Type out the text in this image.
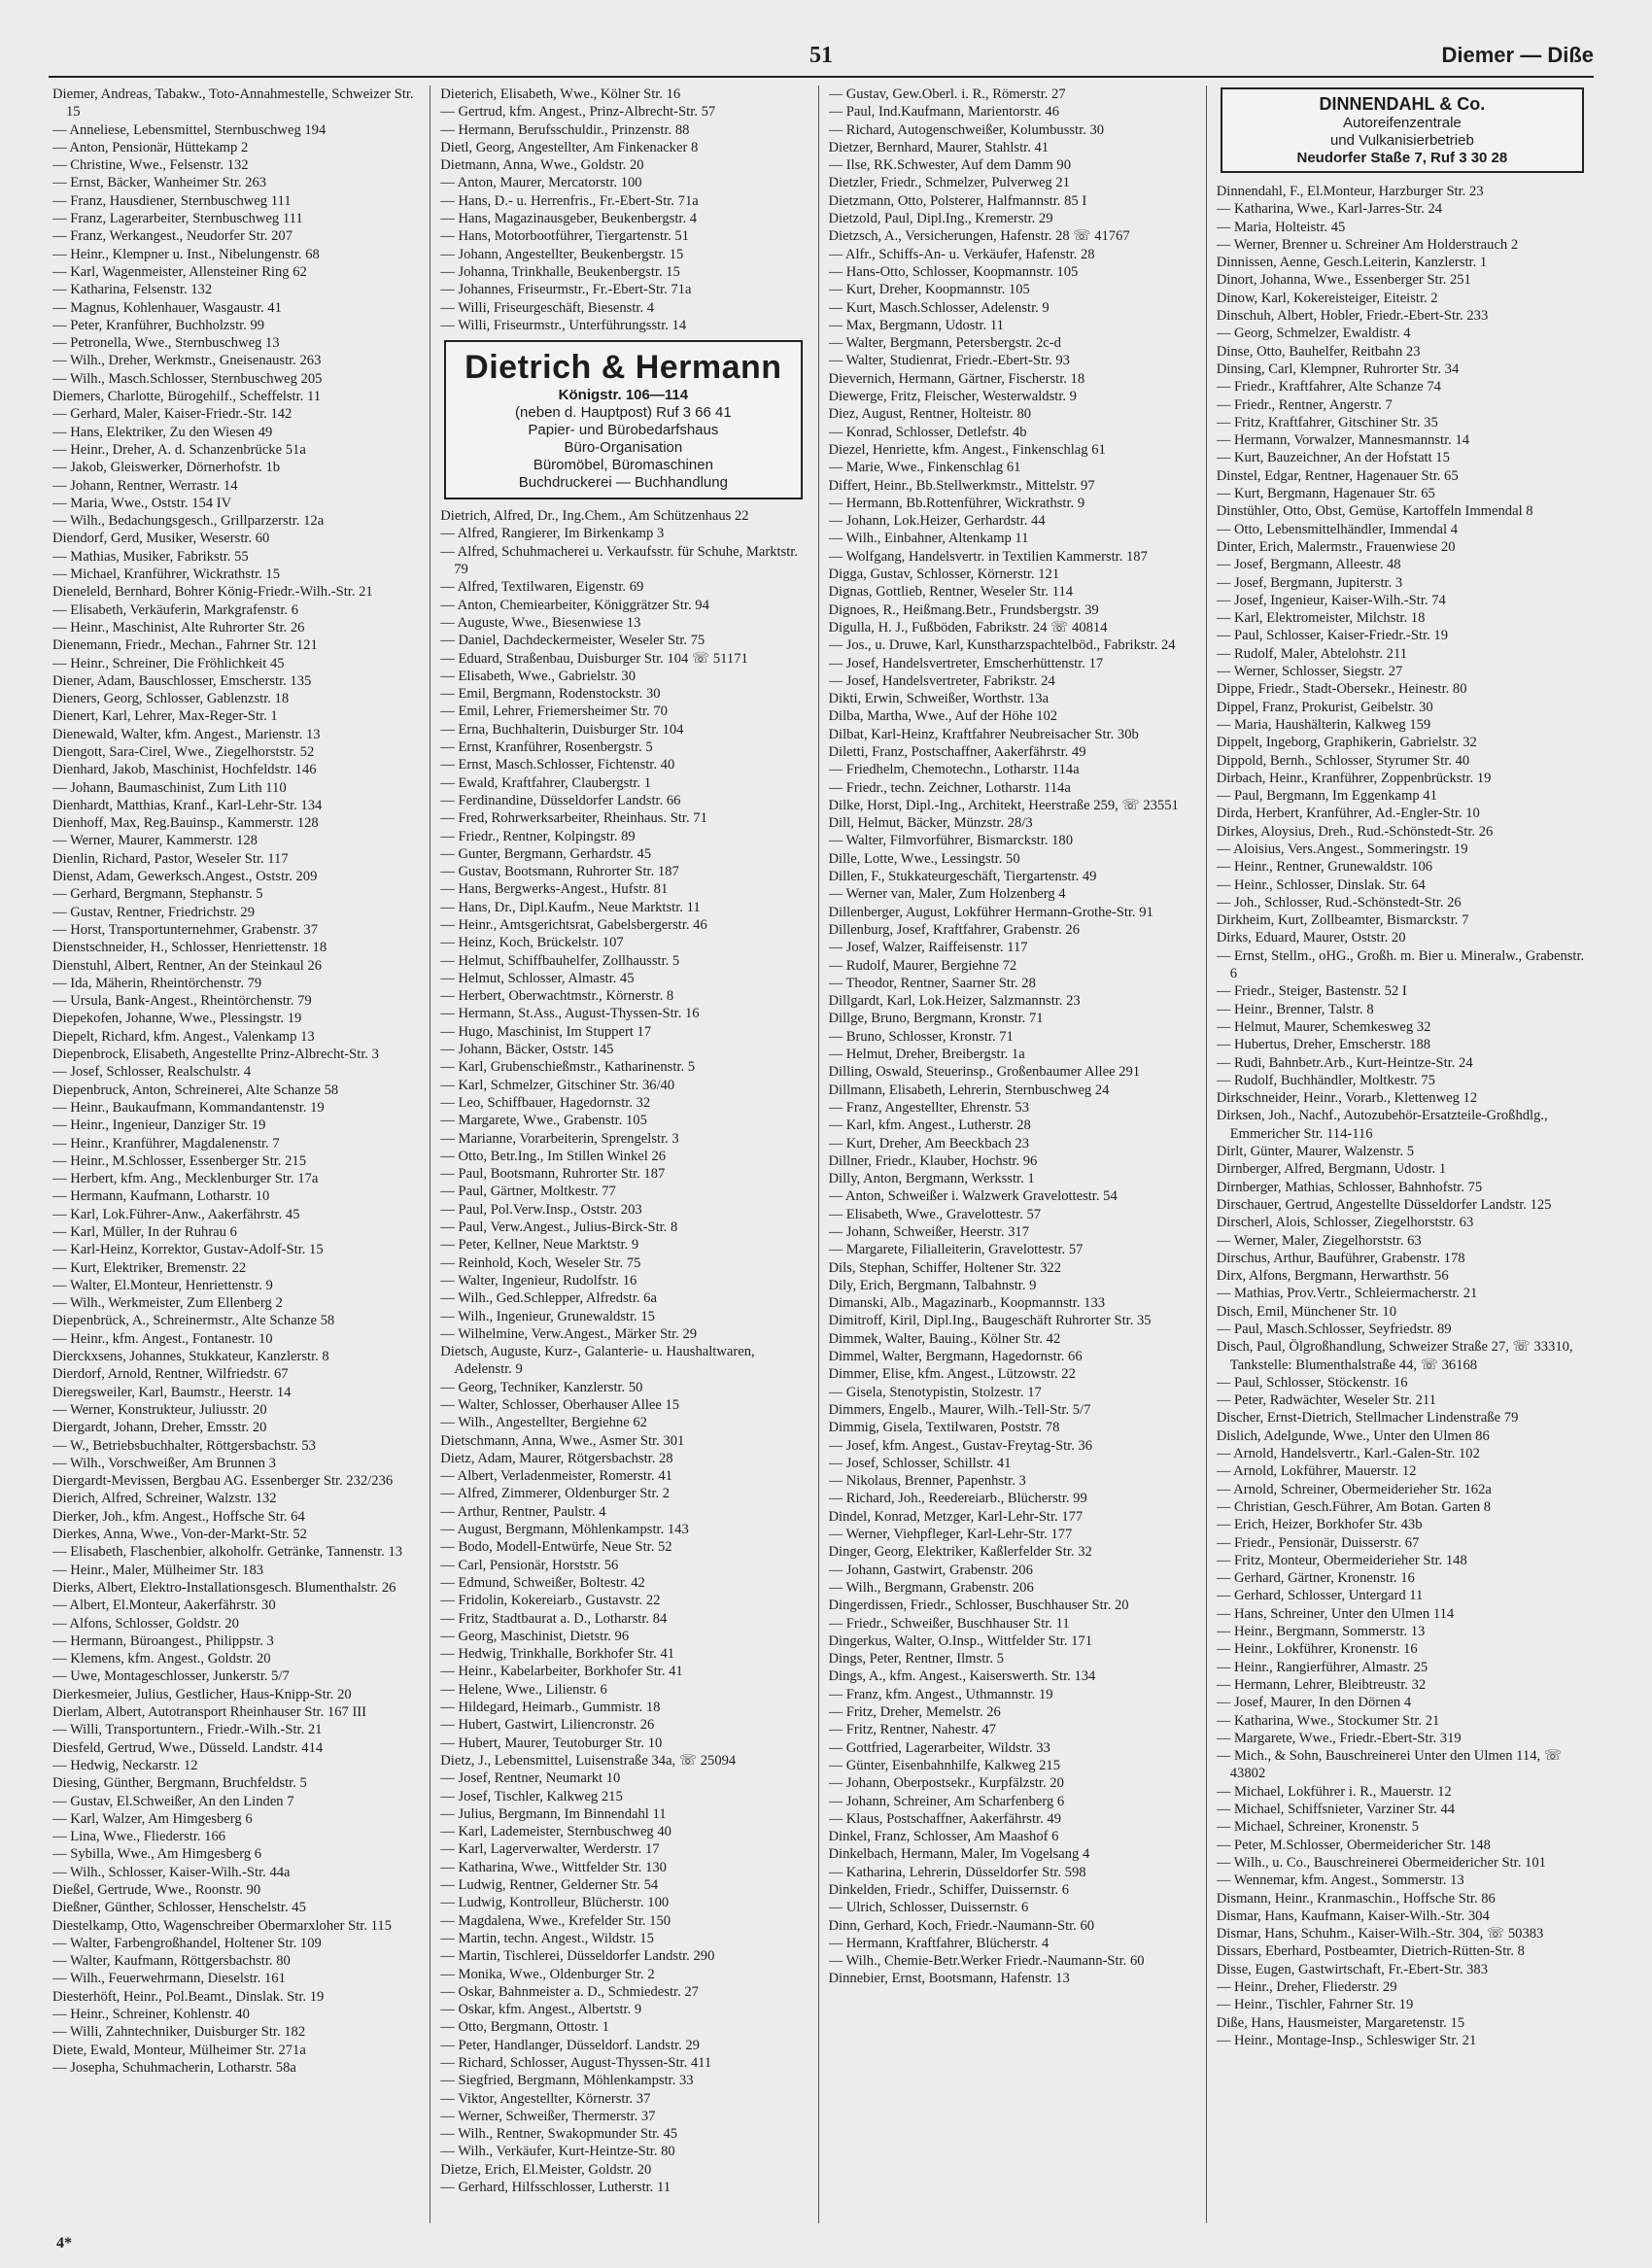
51	Diemer — Diße
Diemer, Andreas, Tabakw., Toto-Annahmestelle, Schweizer Str. 15
— Anneliese, Lebensmittel, Sternbuschweg 194
— Anton, Pensionär, Hüttekamp 2
— Christine, Wwe., Felsenstr. 132
— Ernst, Bäcker, Wanheimer Str. 263
— Franz, Hausdiener, Sternbuschweg 111
— Franz, Lagerarbeiter, Sternbuschweg 111
— Franz, Werkangest., Neudorfer Str. 207
— Heinr., Klempner u. Inst., Nibelungenstr. 68
— Karl, Wagenmeister, Allensteiner Ring 62
— Katharina, Felsenstr. 132
— Magnus, Kohlenhauer, Wasgaustr. 41
— Peter, Kranführer, Buchholzstr. 99
— Petronella, Wwe., Sternbuschweg 13
— Wilh., Dreher, Werkmstr., Gneisenaustr. 263
— Wilh., Masch.Schlosser, Sternbuschweg 205
Diemers, Charlotte, Bürogehilf., Scheffelstr. 11
— Gerhard, Maler, Kaiser-Friedr.-Str. 142
— Hans, Elektriker, Zu den Wiesen 49
— Heinr., Dreher, A. d. Schanzenbrücke 51a
— Jakob, Gleiswerker, Dörnerhofstr. 1b
— Johann, Rentner, Werrastr. 14
— Maria, Wwe., Oststr. 154 IV
— Wilh., Bedachungsgesch., Grillparzerstr. 12a
Diendorf, Gerd, Musiker, Weserstr. 60
— Mathias, Musiker, Fabrikstr. 55
— Michael, Kranführer, Wickrathstr. 15
Dieneleld, Bernhard, Bohrer König-Friedr.-Wilh.-Str. 21
— Elisabeth, Verkäuferin, Markgrafenstr. 6
— Heinr., Maschinist, Alte Ruhrorter Str. 26
Dienemann, Friedr., Mechan., Fahrner Str. 121
— Heinr., Schreiner, Die Fröhlichkeit 45
Diener, Adam, Bauschlosser, Emscherstr. 135
Dieners, Georg, Schlosser, Gablenzstr. 18
Dienert, Karl, Lehrer, Max-Reger-Str. 1
Dienewald, Walter, kfm. Angest., Marienstr. 13
Diengott, Sara-Cirel, Wwe., Ziegelhorststr. 52
Dienhard, Jakob, Maschinist, Hochfeldstr. 146
— Johann, Baumaschinist, Zum Lith 110
Dienhardt, Matthias, Kranf., Karl-Lehr-Str. 134
Dienhoff, Max, Reg.Bauinsp., Kammerstr. 128
— Werner, Maurer, Kammerstr. 128
Dienlin, Richard, Pastor, Weseler Str. 117
Dienst, Adam, Gewerksch.Angest., Oststr. 209
— Gerhard, Bergmann, Stephanstr. 5
— Gustav, Rentner, Friedrichstr. 29
— Horst, Transportunternehmer, Grabenstr. 37
Dienstschneider, H., Schlosser, Henriettenstr. 18
Dienstuhl, Albert, Rentner, An der Steinkaul 26
— Ida, Mäherin, Rheintörchenstr. 79
— Ursula, Bank-Angest., Rheintörchenstr. 79
Diepekofen, Johanne, Wwe., Plessingstr. 19
Diepelt, Richard, kfm. Angest., Valenkamp 13
Diepenbrock, Elisabeth, Angestellte Prinz-Albrecht-Str. 3
— Josef, Schlosser, Realschulstr. 4
Diepenbruck, Anton, Schreinerei, Alte Schanze 58
— Heinr., Baukaufmann, Kommandantenstr. 19
— Heinr., Ingenieur, Danziger Str. 19
— Heinr., Kranführer, Magdalenenstr. 7
— Heinr., M.Schlosser, Essenberger Str. 215
— Herbert, kfm. Ang., Mecklenburger Str. 17a
— Hermann, Kaufmann, Lotharstr. 10
— Karl, Lok.Führer-Anw., Aakerfährstr. 45
— Karl, Müller, In der Ruhrau 6
— Karl-Heinz, Korrektor, Gustav-Adolf-Str. 15
— Kurt, Elektriker, Bremenstr. 22
— Walter, El.Monteur, Henriettenstr. 9
— Wilh., Werkmeister, Zum Ellenberg 2
Diepenbrück, A., Schreinermstr., Alte Schanze 58
— Heinr., kfm. Angest., Fontanestr. 10
Dierckxsens, Johannes, Stukkateur, Kanzlerstr. 8
Dierdorf, Arnold, Rentner, Wilfriedstr. 67
Dieregsweiler, Karl, Baumstr., Heerstr. 14
— Werner, Konstrukteur, Juliusstr. 20
Diergardt, Johann, Dreher, Emsstr. 20
— W., Betriebsbuchhalter, Röttgersbachstr. 53
— Wilh., Vorschweißer, Am Brunnen 3
Diergardt-Mevissen, Bergbau AG. Essenberger Str. 232/236
Dierich, Alfred, Schreiner, Walzstr. 132
Dierker, Joh., kfm. Angest., Hoffsche Str. 64
Dierkes, Anna, Wwe., Von-der-Markt-Str. 52
— Elisabeth, Flaschenbier, alkoholfr. Getränke, Tannenstr. 13
— Heinr., Maler, Mülheimer Str. 183
Dierks, Albert, Elektro-Installationsgesch. Blumenthalstr. 26
— Albert, El.Monteur, Aakerfährstr. 30
— Alfons, Schlosser, Goldstr. 20
— Hermann, Büroangest., Philippstr. 3
— Klemens, kfm. Angest., Goldstr. 20
— Uwe, Montageschlosser, Junkerstr. 5/7
Dierkesmeier, Julius, Gestlicher, Haus-Knipp-Str. 20
Dierlam, Albert, Autotransport Rheinhauser Str. 167 III
— Willi, Transportuntern., Friedr.-Wilh.-Str. 21
Diesfeld, Gertrud, Wwe., Düsseld. Landstr. 414
— Hedwig, Neckarstr. 12
Diesing, Günther, Bergmann, Bruchfeldstr. 5
— Gustav, El.Schweißer, An den Linden 7
— Karl, Walzer, Am Himgesberg 6
— Lina, Wwe., Fliederstr. 166
— Sybilla, Wwe., Am Himgesberg 6
— Wilh., Schlosser, Kaiser-Wilh.-Str. 44a
Dießel, Gertrude, Wwe., Roonstr. 90
Dießner, Günther, Schlosser, Henschelstr. 45
Diestelkamp, Otto, Wagenschreiber Obermarxloher Str. 115
— Walter, Farbengroßhandel, Holtener Str. 109
— Walter, Kaufmann, Röttgersbachstr. 80
— Wilh., Feuerwehrmann, Dieselstr. 161
Diesterhöft, Heinr., Pol.Beamt., Dinslak. Str. 19
— Heinr., Schreiner, Kohlenstr. 40
— Willi, Zahntechniker, Duisburger Str. 182
Diete, Ewald, Monteur, Mülheimer Str. 271a
— Josepha, Schuhmacherin, Lotharstr. 58a
Dieterich, Elisabeth, Wwe., Kölner Str. 16
— Gertrud, kfm. Angest., Prinz-Albrecht-Str. 57
— Hermann, Berufsschuldir., Prinzenstr. 88
Dietl, Georg, Angestellter, Am Finkenacker 8
Dietmann, Anna, Wwe., Goldstr. 20
— Anton, Maurer, Mercatorstr. 100
— Hans, D.- u. Herrenfris., Fr.-Ebert-Str. 71a
— Hans, Magazinausgeber, Beukenbergstr. 4
— Hans, Motorbootführer, Tiergartenstr. 51
— Johann, Angestellter, Beukenbergstr. 15
— Johanna, Trinkhalle, Beukenbergstr. 15
— Johannes, Friseurmstr., Fr.-Ebert-Str. 71a
— Willi, Friseurgeschäft, Biesenstr. 4
— Willi, Friseurmstr., Unterführungsstr. 14
Dietrich & Hermann
Königstr. 106—114
(neben d. Hauptpost) Ruf 3 66 41
Papier- und Bürobedarfshaus
Büro-Organisation
Büromöbel, Büromaschinen
Buchdruckerei — Buchhandlung
Dietrich, Alfred, Dr., Ing.Chem., Am Schützenhaus 22
— Alfred, Rangierer, Im Birkenkamp 3
— Alfred, Schuhmacherei u. Verkaufsstr. für Schuhe, Marktstr. 79
— Alfred, Textilwaren, Eigenstr. 69
— Anton, Chemiearbeiter, Königgrätzer Str. 94
— Auguste, Wwe., Biesenwiese 13
— Daniel, Dachdeckermeister, Weseler Str. 75
— Eduard, Straßenbau, Duisburger Str. 104 ☏ 51171
— Elisabeth, Wwe., Gabrielstr. 30
— Emil, Bergmann, Rodenstockstr. 30
— Emil, Lehrer, Friemersheimer Str. 70
— Erna, Buchhalterin, Duisburger Str. 104
— Ernst, Kranführer, Rosenbergstr. 5
— Ernst, Masch.Schlosser, Fichtenstr. 40
— Ewald, Kraftfahrer, Claubergstr. 1
— Ferdinandine, Düsseldorfer Landstr. 66
— Fred, Rohrwerksarbeiter, Rheinhaus. Str. 71
— Friedr., Rentner, Kolpingstr. 89
— Gunter, Bergmann, Gerhardstr. 45
— Gustav, Bootsmann, Ruhrorter Str. 187
— Hans, Bergwerks-Angest., Hufstr. 81
— Hans, Dr., Dipl.Kaufm., Neue Marktstr. 11
— Heinr., Amtsgerichtsrat, Gabelsbergerstr. 46
— Heinz, Koch, Brückelstr. 107
— Helmut, Schiffbauhelfer, Zollhausstr. 5
— Helmut, Schlosser, Almastr. 45
— Herbert, Oberwachtmstr., Körnerstr. 8
— Hermann, St.Ass., August-Thyssen-Str. 16
— Hugo, Maschinist, Im Stuppert 17
— Johann, Bäcker, Oststr. 145
— Karl, Grubenschießmstr., Katharinenstr. 5
— Karl, Schmelzer, Gitschiner Str. 36/40
— Leo, Schiffbauer, Hagedornstr. 32
— Margarete, Wwe., Grabenstr. 105
— Marianne, Vorarbeiterin, Sprengelstr. 3
— Otto, Betr.Ing., Im Stillen Winkel 26
— Paul, Bootsmann, Ruhrorter Str. 187
— Paul, Gärtner, Moltkestr. 77
— Paul, Pol.Verw.Insp., Oststr. 203
— Paul, Verw.Angest., Julius-Birck-Str. 8
— Peter, Kellner, Neue Marktstr. 9
— Reinhold, Koch, Weseler Str. 75
— Walter, Ingenieur, Rudolfstr. 16
— Wilh., Ged.Schlepper, Alfredstr. 6a
— Wilh., Ingenieur, Grunewaldstr. 15
— Wilhelmine, Verw.Angest., Märker Str. 29
Dietsch, Auguste, Kurz-, Galanterie- u. Haushaltwaren, Adelenstr. 9
— Georg, Techniker, Kanzlerstr. 50
— Walter, Schlosser, Oberhauser Allee 15
— Wilh., Angestellter, Bergiehne 62
Dietschmann, Anna, Wwe., Asmer Str. 301
Dietz, Adam, Maurer, Rötgersbachstr. 28
— Albert, Verladenmeister, Romerstr. 41
— Alfred, Zimmerer, Oldenburger Str. 2
— Arthur, Rentner, Paulstr. 4
— August, Bergmann, Möhlenkampstr. 143
— Bodo, Modell-Entwürfe, Neue Str. 52
— Carl, Pensionär, Horststr. 56
— Edmund, Schweißer, Boltestr. 42
— Fridolin, Kokereiarb., Gustavstr. 22
— Fritz, Stadtbaurat a. D., Lotharstr. 84
— Georg, Maschinist, Dietstr. 96
— Hedwig, Trinkhalle, Borkhofer Str. 41
— Heinr., Kabelarbeiter, Borkhofer Str. 41
— Helene, Wwe., Lilienstr. 6
— Hildegard, Heimarb., Gummistr. 18
— Hubert, Gastwirt, Liliencronstr. 26
— Hubert, Maurer, Teutoburger Str. 10
Dietz, J., Lebensmittel, Luisenstraße 34a, ☏ 25094
— Josef, Rentner, Neumarkt 10
— Josef, Tischler, Kalkweg 215
— Julius, Bergmann, Im Binnendahl 11
— Karl, Lademeister, Sternbuschweg 40
— Karl, Lagerverwalter, Werderstr. 17
— Katharina, Wwe., Wittfelder Str. 130
— Ludwig, Rentner, Gelderner Str. 54
— Ludwig, Kontrolleur, Blücherstr. 100
— Magdalena, Wwe., Krefelder Str. 150
— Martin, techn. Angest., Wildstr. 15
— Martin, Tischlerei, Düsseldorfer Landstr. 290
— Monika, Wwe., Oldenburger Str. 2
— Oskar, Bahnmeister a. D., Schmiedestr. 27
— Oskar, kfm. Angest., Albertstr. 9
— Otto, Bergmann, Ottostr. 1
— Peter, Handlanger, Düsseldorf. Landstr. 29
— Richard, Schlosser, August-Thyssen-Str. 411
— Siegfried, Bergmann, Möhlenkampstr. 33
— Viktor, Angestellter, Körnerstr. 37
— Werner, Schweißer, Thermerstr. 37
— Wilh., Rentner, Swakopmunder Str. 45
— Wilh., Verkäufer, Kurt-Heintze-Str. 80
Dietze, Erich, El.Meister, Goldstr. 20
— Gerhard, Hilfsschlosser, Lutherstr. 11
— Gustav, Gew.Oberl. i. R., Römerstr. 27
— Paul, Ind.Kaufmann, Marientorstr. 46
— Richard, Autogenschweißer, Kolumbusstr. 30
Dietzer, Bernhard, Maurer, Stahlstr. 41
— Ilse, RK.Schwester, Auf dem Damm 90
Dietzler, Friedr., Schmelzer, Pulverweg 21
Dietzmann, Otto, Polsterer, Halfmannstr. 85 I
Dietzold, Paul, Dipl.Ing., Kremerstr. 29
Dietzsch, A., Versicherungen, Hafenstr. 28 ☏ 41767
— Alfr., Schiffs-An- u. Verkäufer, Hafenstr. 28
— Hans-Otto, Schlosser, Koopmannstr. 105
— Kurt, Dreher, Koopmannstr. 105
— Kurt, Masch.Schlosser, Adelenstr. 9
— Max, Bergmann, Udostr. 11
— Walter, Bergmann, Petersbergstr. 2c-d
— Walter, Studienrat, Friedr.-Ebert-Str. 93
Dievernich, Hermann, Gärtner, Fischerstr. 18
Diewerge, Fritz, Fleischer, Westerwaldstr. 9
Diez, August, Rentner, Holteistr. 80
— Konrad, Schlosser, Detlefstr. 4b
Diezel, Henriette, kfm. Angest., Finkenschlag 61
— Marie, Wwe., Finkenschlag 61
Differt, Heinr., Bb.Stellwerkmstr., Mittelstr. 97
— Hermann, Bb.Rottenführer, Wickrathstr. 9
— Johann, Lok.Heizer, Gerhardstr. 44
— Wilh., Einbahner, Altenkamp 11
— Wolfgang, Handelsvertr. in Textilien Kammerstr. 187
Digga, Gustav, Schlosser, Körnerstr. 121
Dignas, Gottlieb, Rentner, Weseler Str. 114
Dignoes, R., Heißmang.Betr., Frundsbergstr. 39
Digulla, H. J., Fußböden, Fabrikstr. 24 ☏ 40814
— Jos., u. Druwe, Karl, Kunstharzspachtelböd., Fabrikstr. 24
— Josef, Handelsvertreter, Emscherhüttenstr. 17
— Josef, Handelsvertreter, Fabrikstr. 24
Dikti, Erwin, Schweißer, Worthstr. 13a
Dilba, Martha, Wwe., Auf der Höhe 102
Dilbat, Karl-Heinz, Kraftfahrer Neubreisacher Str. 30b
Diletti, Franz, Postschaffner, Aakerfährstr. 49
— Friedhelm, Chemotechn., Lotharstr. 114a
— Friedr., techn. Zeichner, Lotharstr. 114a
Dilke, Horst, Dipl.-Ing., Architekt, Heerstraße 259, ☏ 23551
Dill, Helmut, Bäcker, Münzstr. 28/3
— Walter, Filmvorführer, Bismarckstr. 180
Dille, Lotte, Wwe., Lessingstr. 50
Dillen, F., Stukkateurgeschäft, Tiergartenstr. 49
— Werner van, Maler, Zum Holzenberg 4
Dillenberger, August, Lokführer Hermann-Grothe-Str. 91
Dillenburg, Josef, Kraftfahrer, Grabenstr. 26
— Josef, Walzer, Raiffeisenstr. 117
— Rudolf, Maurer, Bergiehne 72
— Theodor, Rentner, Saarner Str. 28
Dillgardt, Karl, Lok.Heizer, Salzmannstr. 23
Dillge, Bruno, Bergmann, Kronstr. 71
— Bruno, Schlosser, Kronstr. 71
— Helmut, Dreher, Breibergstr. 1a
Dilling, Oswald, Steuerinsp., Großenbaumer Allee 291
Dillmann, Elisabeth, Lehrerin, Sternbuschweg 24
— Franz, Angestellter, Ehrenstr. 53
— Karl, kfm. Angest., Lutherstr. 28
— Kurt, Dreher, Am Beeckbach 23
Dillner, Friedr., Klauber, Hochstr. 96
Dilly, Anton, Bergmann, Werksstr. 1
— Anton, Schweißer i. Walzwerk Gravelottestr. 54
— Elisabeth, Wwe., Gravelottestr. 57
— Johann, Schweißer, Heerstr. 317
— Margarete, Filialleiterin, Gravelottestr. 57
Dils, Stephan, Schiffer, Holtener Str. 322
Dily, Erich, Bergmann, Talbahnstr. 9
Dimanski, Alb., Magazinarb., Koopmannstr. 133
Dimitroff, Kiril, Dipl.Ing., Baugeschäft Ruhrorter Str. 35
Dimmek, Walter, Bauing., Kölner Str. 42
Dimmel, Walter, Bergmann, Hagedornstr. 66
Dimmer, Elise, kfm. Angest., Lützowstr. 22
— Gisela, Stenotypistin, Stolzestr. 17
Dimmers, Engelb., Maurer, Wilh.-Tell-Str. 5/7
Dimmig, Gisela, Textilwaren, Poststr. 78
— Josef, kfm. Angest., Gustav-Freytag-Str. 36
— Josef, Schlosser, Schillstr. 41
— Nikolaus, Brenner, Papenhstr. 3
— Richard, Joh., Reedereiarb., Blücherstr. 99
Dindel, Konrad, Metzger, Karl-Lehr-Str. 177
— Werner, Viehpfleger, Karl-Lehr-Str. 177
Dinger, Georg, Elektriker, Kaßlerfelder Str. 32
— Johann, Gastwirt, Grabenstr. 206
— Wilh., Bergmann, Grabenstr. 206
Dingerdissen, Friedr., Schlosser, Buschhauser Str. 20
— Friedr., Schweißer, Buschhauser Str. 11
Dingerkus, Walter, O.Insp., Wittfelder Str. 171
Dings, Peter, Rentner, Ilmstr. 5
Dings, A., kfm. Angest., Kaiserswerth. Str. 134
— Franz, kfm. Angest., Uthmannstr. 19
— Fritz, Dreher, Memelstr. 26
— Fritz, Rentner, Nahestr. 47
— Gottfried, Lagerarbeiter, Wildstr. 33
— Günter, Eisenbahnhilfe, Kalkweg 215
— Johann, Oberpostsekr., Kurpfälzstr. 20
— Johann, Schreiner, Am Scharfenberg 6
— Klaus, Postschaffner, Aakerfährstr. 49
Dinkel, Franz, Schlosser, Am Maashof 6
Dinkelbach, Hermann, Maler, Im Vogelsang 4
— Katharina, Lehrerin, Düsseldorfer Str. 598
Dinkelden, Friedr., Schiffer, Duissernstr. 6
— Ulrich, Schlosser, Duissernstr. 6
Dinn, Gerhard, Koch, Friedr.-Naumann-Str. 60
— Hermann, Kraftfahrer, Blücherstr. 4
— Wilh., Chemie-Betr.Werker Friedr.-Naumann-Str. 60
Dinnebier, Ernst, Bootsmann, Hafenstr. 13
DINNENDAHL & Co.
Autoreifenzentrale
und Vulkanisierbetrieb
Neudorfer Staße 7, Ruf 3 30 28
Dinnendahl, F., El.Monteur, Harzburger Str. 23
— Katharina, Wwe., Karl-Jarres-Str. 24
— Maria, Holteistr. 45
— Werner, Brenner u. Schreiner Am Holderstrauch 2
Dinnissen, Aenne, Gesch.Leiterin, Kanzlerstr. 1
Dinort, Johanna, Wwe., Essenberger Str. 251
Dinow, Karl, Kokereisteiger, Eiteistr. 2
Dinschuh, Albert, Hobler, Friedr.-Ebert-Str. 233
— Georg, Schmelzer, Ewaldistr. 4
Dinse, Otto, Bauhelfer, Reitbahn 23
Dinsing, Carl, Klempner, Ruhrorter Str. 34
— Friedr., Kraftfahrer, Alte Schanze 74
— Friedr., Rentner, Angerstr. 7
— Fritz, Kraftfahrer, Gitschiner Str. 35
— Hermann, Vorwalzer, Mannesmannstr. 14
— Kurt, Bauzeichner, An der Hofstatt 15
Dinstel, Edgar, Rentner, Hagenauer Str. 65
— Kurt, Bergmann, Hagenauer Str. 65
Dinstühler, Otto, Obst, Gemüse, Kartoffeln Immendal 8
— Otto, Lebensmittelhändler, Immendal 4
Dinter, Erich, Malermstr., Frauenwiese 20
— Josef, Bergmann, Alleestr. 48
— Josef, Bergmann, Jupiterstr. 3
— Josef, Ingenieur, Kaiser-Wilh.-Str. 74
— Karl, Elektromeister, Milchstr. 18
— Paul, Schlosser, Kaiser-Friedr.-Str. 19
— Rudolf, Maler, Abtelohstr. 211
— Werner, Schlosser, Siegstr. 27
Dippe, Friedr., Stadt-Obersekr., Heinestr. 80
Dippel, Franz, Prokurist, Geibelstr. 30
— Maria, Haushälterin, Kalkweg 159
Dippelt, Ingeborg, Graphikerin, Gabrielstr. 32
Dippold, Bernh., Schlosser, Styrumer Str. 40
Dirbach, Heinr., Kranführer, Zoppenbrückstr. 19
— Paul, Bergmann, Im Eggenkamp 41
Dirda, Herbert, Kranführer, Ad.-Engler-Str. 10
Dirkes, Aloysius, Dreh., Rud.-Schönstedt-Str. 26
— Aloisius, Vers.Angest., Sommeringstr. 19
— Heinr., Rentner, Grunewaldstr. 106
— Heinr., Schlosser, Dinslak. Str. 64
— Joh., Schlosser, Rud.-Schönstedt-Str. 26
Dirkheim, Kurt, Zollbeamter, Bismarckstr. 7
Dirks, Eduard, Maurer, Oststr. 20
— Ernst, Stellm., oHG., Großh. m. Bier u. Mineralw., Grabenstr. 6
— Friedr., Steiger, Bastenstr. 52 I
— Heinr., Brenner, Talstr. 8
— Helmut, Maurer, Schemkesweg 32
— Hubertus, Dreher, Emscherstr. 188
— Rudi, Bahnbetr.Arb., Kurt-Heintze-Str. 24
— Rudolf, Buchhändler, Moltkestr. 75
Dirkschneider, Heinr., Vorarb., Klettenweg 12
Dirksen, Joh., Nachf., Autozubehör-Ersatzteile-Großhdlg., Emmericher Str. 114-116
Dirlt, Günter, Maurer, Walzenstr. 5
Dirnberger, Alfred, Bergmann, Udostr. 1
Dirnberger, Mathias, Schlosser, Bahnhofstr. 75
Dirschauer, Gertrud, Angestellte Düsseldorfer Landstr. 125
Dirscherl, Alois, Schlosser, Ziegelhorststr. 63
— Werner, Maler, Ziegelhorststr. 63
Dirschus, Arthur, Bauführer, Grabenstr. 178
Dirx, Alfons, Bergmann, Herwarthstr. 56
— Mathias, Prov.Vertr., Schleiermacherstr. 21
Disch, Emil, Münchener Str. 10
— Paul, Masch.Schlosser, Seyfriedstr. 89
Disch, Paul, Ölgroßhandlung, Schweizer Straße 27, ☏ 33310, Tankstelle: Blumenthalstraße 44, ☏ 36168
— Paul, Schlosser, Stöckenstr. 16
— Peter, Radwächter, Weseler Str. 211
Discher, Ernst-Dietrich, Stellmacher Lindenstraße 79
Dislich, Adelgunde, Wwe., Unter den Ulmen 86
— Arnold, Handelsvertr., Karl.-Galen-Str. 102
— Arnold, Lokführer, Mauerstr. 12
— Arnold, Schreiner, Obermeiderieher Str. 162a
— Christian, Gesch.Führer, Am Botan. Garten 8
— Erich, Heizer, Borkhofer Str. 43b
— Friedr., Pensionär, Duisserstr. 67
— Fritz, Monteur, Obermeiderieher Str. 148
— Gerhard, Gärtner, Kronenstr. 16
— Gerhard, Schlosser, Untergard 11
— Hans, Schreiner, Unter den Ulmen 114
— Heinr., Bergmann, Sommerstr. 13
— Heinr., Lokführer, Kronenstr. 16
— Heinr., Rangierführer, Almastr. 25
— Hermann, Lehrer, Bleibtreustr. 32
— Josef, Maurer, In den Dörnen 4
— Katharina, Wwe., Stockumer Str. 21
— Margarete, Wwe., Friedr.-Ebert-Str. 319
— Mich., & Sohn, Bauschreinerei Unter den Ulmen 114, ☏ 43802
— Michael, Lokführer i. R., Mauerstr. 12
— Michael, Schiffsnieter, Varziner Str. 44
— Michael, Schreiner, Kronenstr. 5
— Peter, M.Schlosser, Obermeidericher Str. 148
— Wilh., u. Co., Bauschreinerei Obermeidericher Str. 101
— Wennemar, kfm. Angest., Sommerstr. 13
Dismann, Heinr., Kranmaschin., Hoffsche Str. 86
Dismar, Hans, Kaufmann, Kaiser-Wilh.-Str. 304
Dismar, Hans, Schuhm., Kaiser-Wilh.-Str. 304, ☏ 50383
Dissars, Eberhard, Postbeamter, Dietrich-Rütten-Str. 8
Disse, Eugen, Gastwirtschaft, Fr.-Ebert-Str. 383
— Heinr., Dreher, Fliederstr. 29
— Heinr., Tischler, Fahrner Str. 19
Diße, Hans, Hausmeister, Margaretenstr. 15
— Heinr., Montage-Insp., Schleswiger Str. 21
4*
